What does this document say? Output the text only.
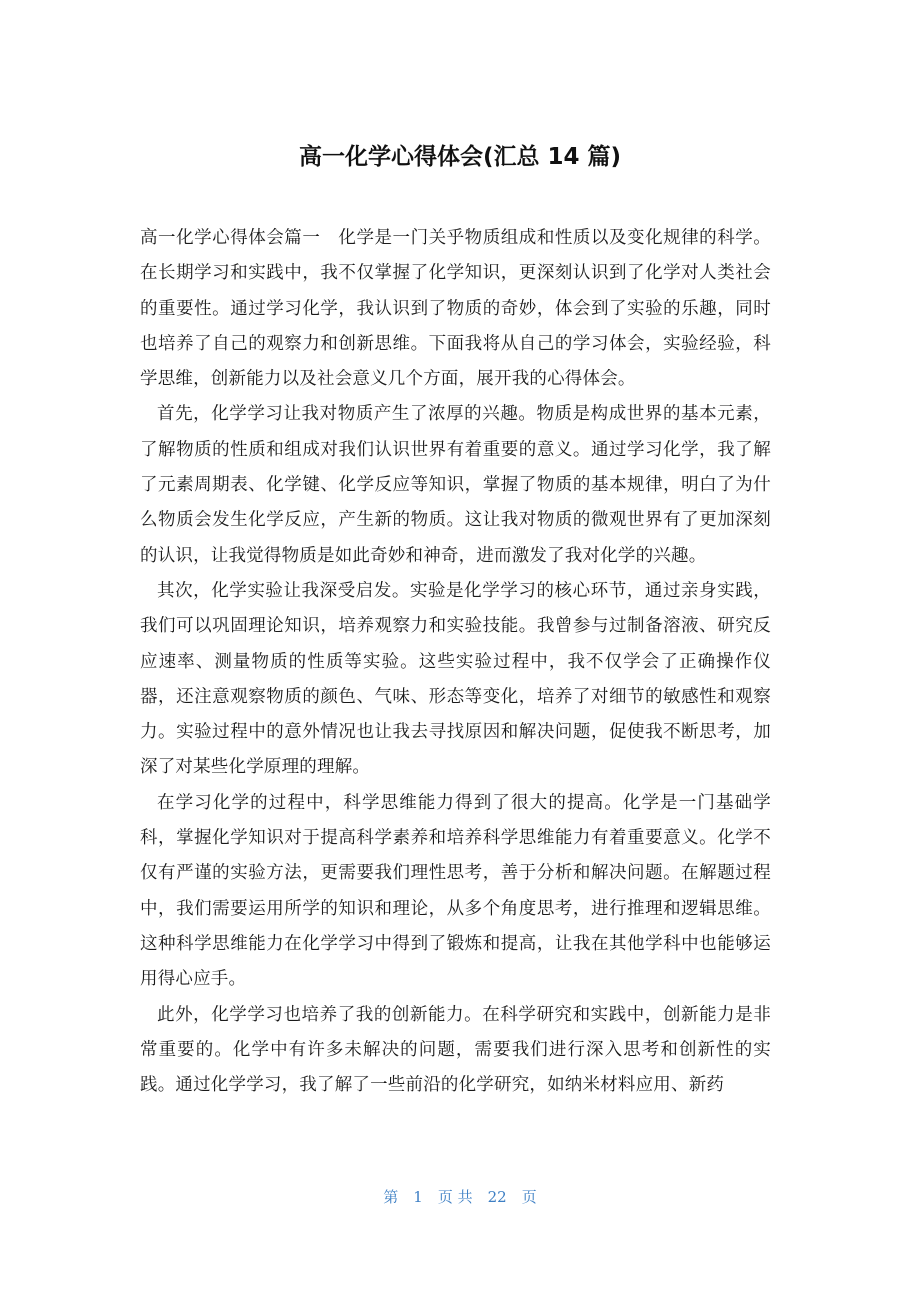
高一化学心得体会(汇总 14 篇)

高一化学心得体会篇一　化学是一门关乎物质组成和性质以及变化规律的科学。在长期学习和实践中，我不仅掌握了化学知识，更深刻认识到了化学对人类社会的重要性。通过学习化学，我认识到了物质的奇妙，体会到了实验的乐趣，同时也培养了自己的观察力和创新思维。下面我将从自己的学习体会，实验经验，科学思维，创新能力以及社会意义几个方面，展开我的心得体会。

首先，化学学习让我对物质产生了浓厚的兴趣。物质是构成世界的基本元素，了解物质的性质和组成对我们认识世界有着重要的意义。通过学习化学，我了解了元素周期表、化学键、化学反应等知识，掌握了物质的基本规律，明白了为什么物质会发生化学反应，产生新的物质。这让我对物质的微观世界有了更加深刻的认识，让我觉得物质是如此奇妙和神奇，进而激发了我对化学的兴趣。

其次，化学实验让我深受启发。实验是化学学习的核心环节，通过亲身实践，我们可以巩固理论知识，培养观察力和实验技能。我曾参与过制备溶液、研究反应速率、测量物质的性质等实验。这些实验过程中，我不仅学会了正确操作仪器，还注意观察物质的颜色、气味、形态等变化，培养了对细节的敏感性和观察力。实验过程中的意外情况也让我去寻找原因和解决问题，促使我不断思考，加深了对某些化学原理的理解。

在学习化学的过程中，科学思维能力得到了很大的提高。化学是一门基础学科，掌握化学知识对于提高科学素养和培养科学思维能力有着重要意义。化学不仅有严谨的实验方法，更需要我们理性思考，善于分析和解决问题。在解题过程中，我们需要运用所学的知识和理论，从多个角度思考，进行推理和逻辑思维。这种科学思维能力在化学学习中得到了锻炼和提高，让我在其他学科中也能够运用得心应手。

此外，化学学习也培养了我的创新能力。在科学研究和实践中，创新能力是非常重要的。化学中有许多未解决的问题，需要我们进行深入思考和创新性的实践。通过化学学习，我了解了一些前沿的化学研究，如纳米材料应用、新药

第　1　页 共　22　页
